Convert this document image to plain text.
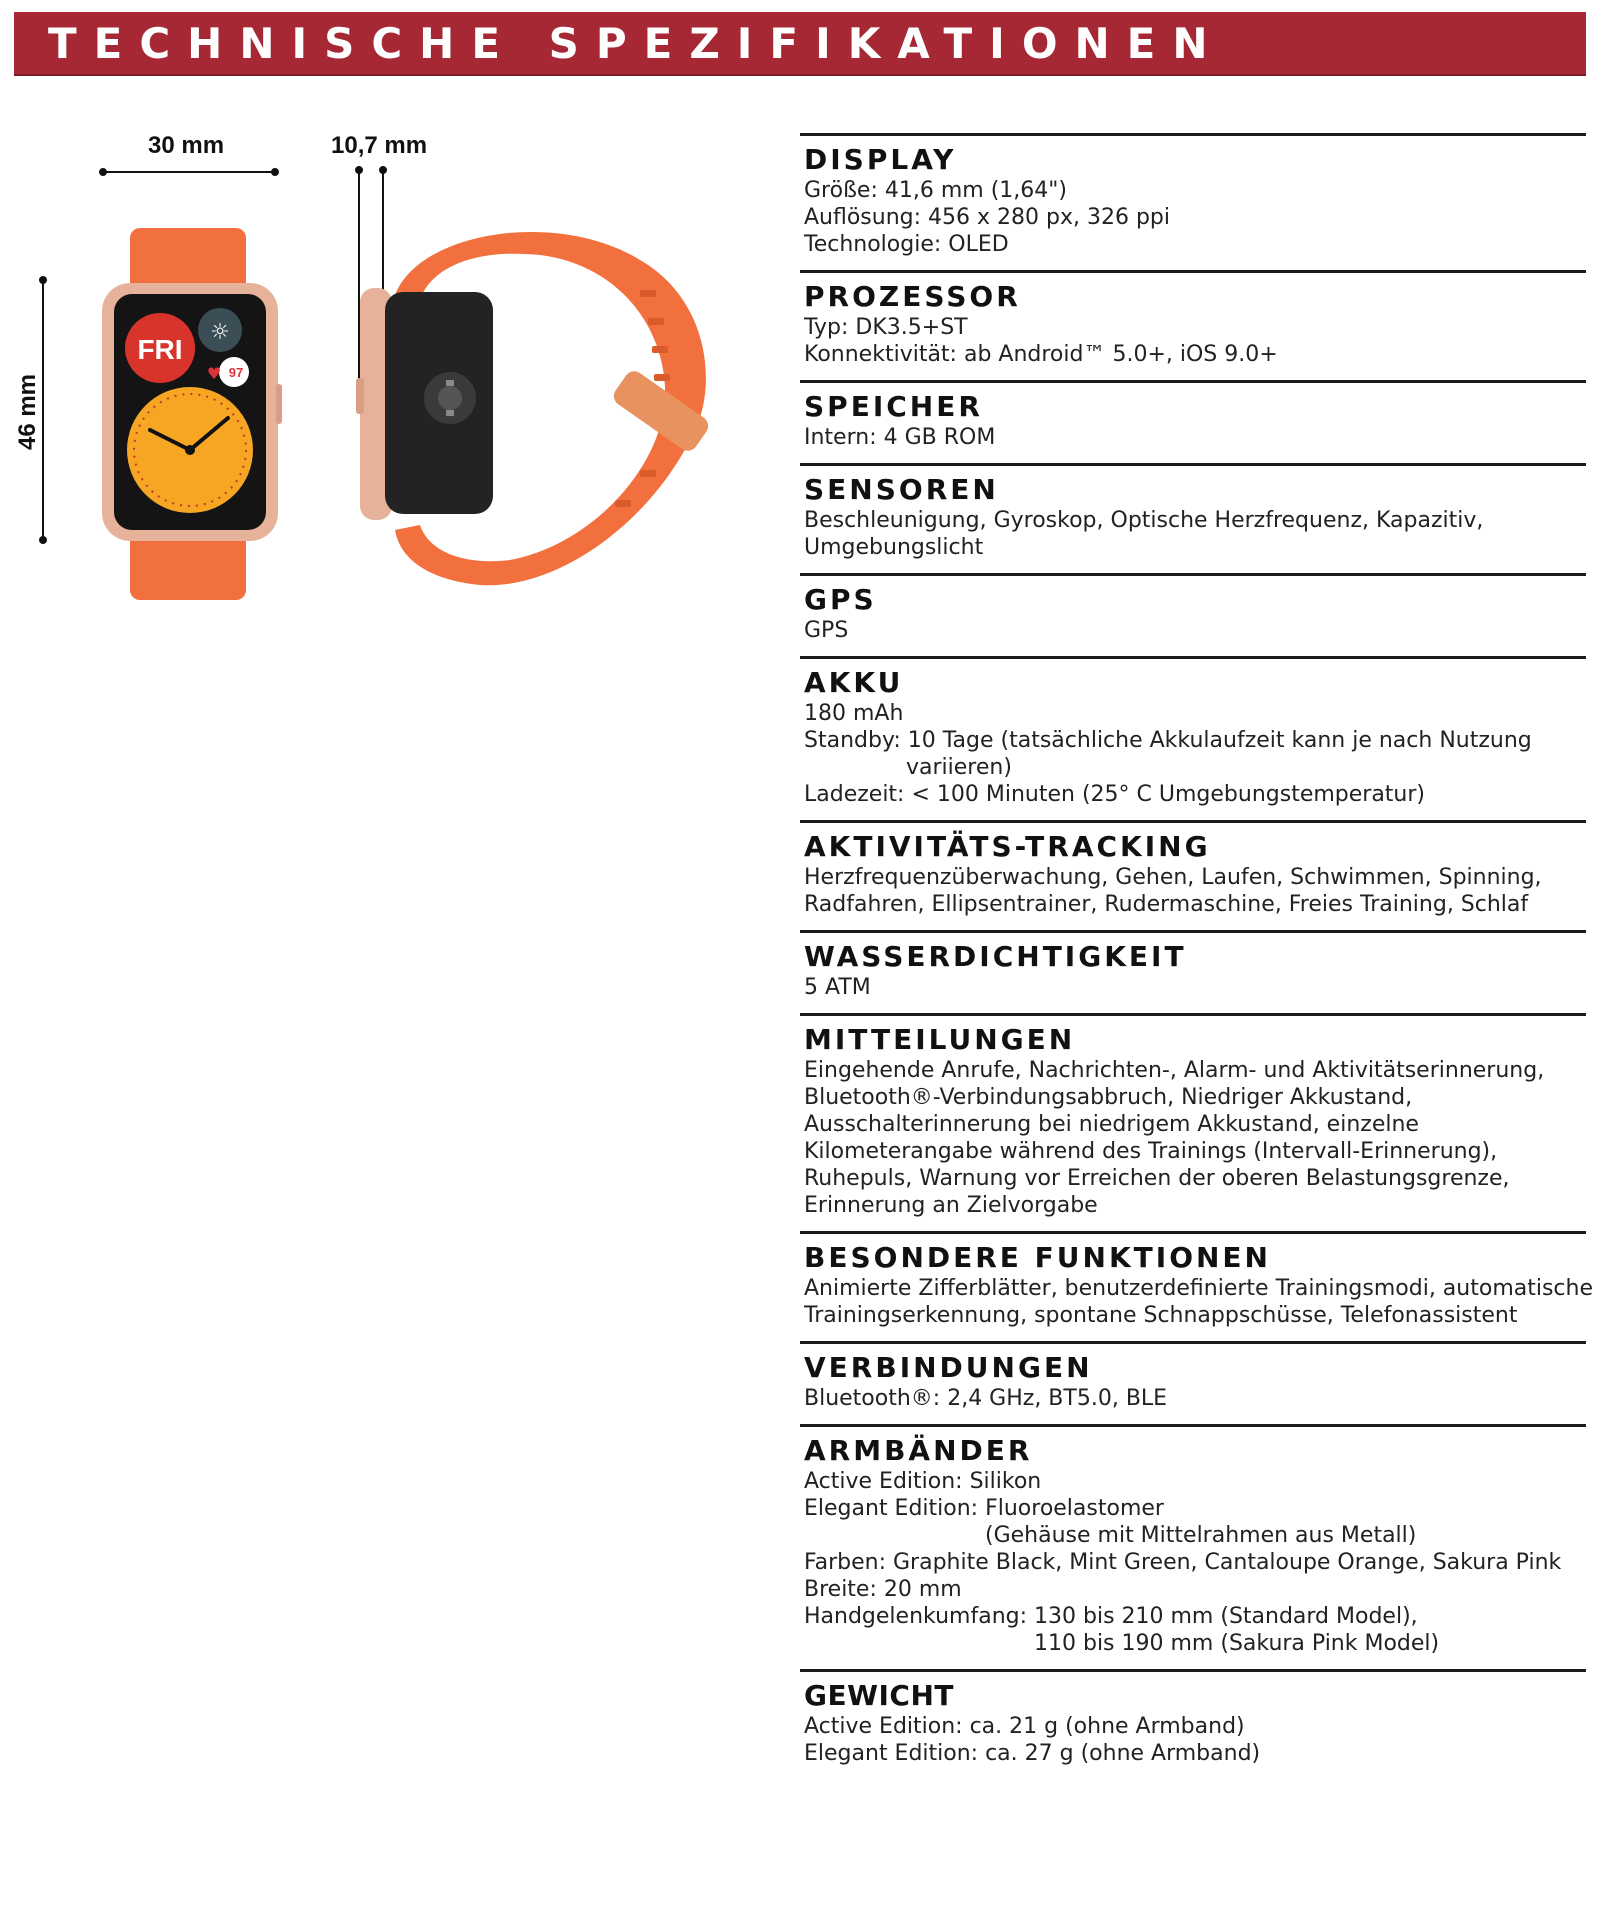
TECHNISCHE SPEZIFIKATIONEN
30 mm	10,7 mm
46 mm
FRI
☼
♥ 97
DISPLAY
Größe: 41,6 mm (1,64")
Auflösung: 456 x 280 px, 326 ppi
Technologie: OLED
PROZESSOR
Typ: DK3.5+ST
Konnektivität: ab Android™ 5.0+, iOS 9.0+
SPEICHER
Intern: 4 GB ROM
SENSOREN
Beschleunigung, Gyroskop, Optische Herzfrequenz, Kapazitiv,
Umgebungslicht
GPS
GPS
AKKU
180 mAh
Standby: 10 Tage (tatsächliche Akkulaufzeit kann je nach Nutzung
variieren)
Ladezeit: < 100 Minuten (25° C Umgebungstemperatur)
AKTIVITÄTS-TRACKING
Herzfrequenzüberwachung, Gehen, Laufen, Schwimmen, Spinning,
Radfahren, Ellipsentrainer, Rudermaschine, Freies Training, Schlaf
WASSERDICHTIGKEIT
5 ATM
MITTEILUNGEN
Eingehende Anrufe, Nachrichten-, Alarm- und Aktivitätserinnerung,
Bluetooth®-Verbindungsabbruch, Niedriger Akkustand,
Ausschalterinnerung bei niedrigem Akkustand, einzelne
Kilometerangabe während des Trainings (Intervall-Erinnerung),
Ruhepuls, Warnung vor Erreichen der oberen Belastungsgrenze,
Erinnerung an Zielvorgabe
BESONDERE FUNKTIONEN
Animierte Zifferblätter, benutzerdefinierte Trainingsmodi, automatische
Trainingserkennung, spontane Schnappschüsse, Telefonassistent
VERBINDUNGEN
Bluetooth®: 2,4 GHz, BT5.0, BLE
ARMBÄNDER
Active Edition: Silikon
Elegant Edition: Fluoroelastomer
(Gehäuse mit Mittelrahmen aus Metall)
Farben: Graphite Black, Mint Green, Cantaloupe Orange, Sakura Pink
Breite: 20 mm
Handgelenkumfang: 130 bis 210 mm (Standard Model),
110 bis 190 mm (Sakura Pink Model)
GEWICHT
Active Edition: ca. 21 g (ohne Armband)
Elegant Edition: ca. 27 g (ohne Armband)
